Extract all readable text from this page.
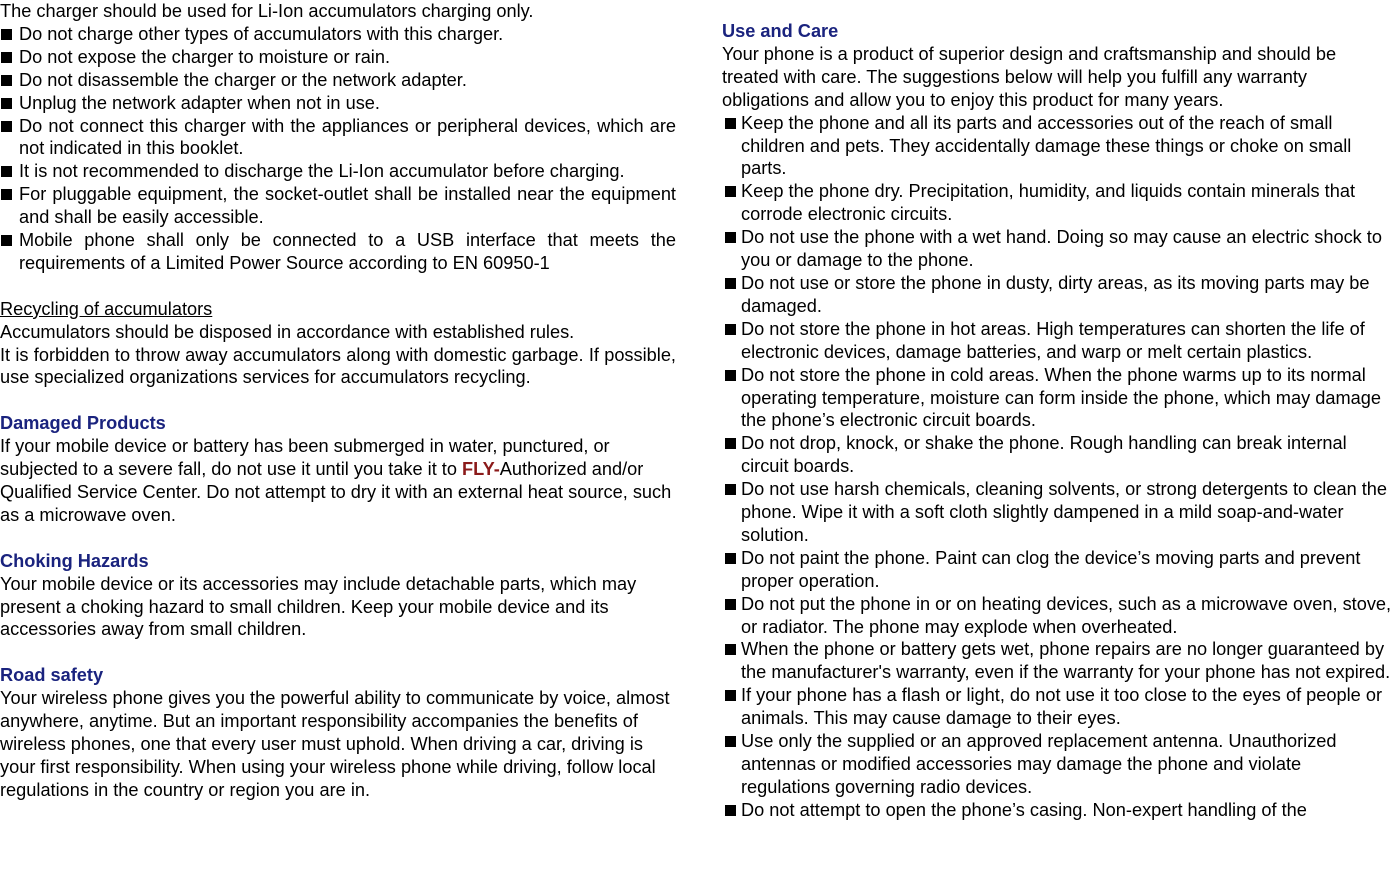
The charger should be used for Li-Ion accumulators charging only.

Do not charge other types of accumulators with this charger.
Do not expose the charger to moisture or rain.
Do not disassemble the charger or the network adapter.
Unplug the network adapter when not in use.
Do not connect this charger with the appliances or peripheral devices, which are not indicated in this booklet.
It is not recommended to discharge the Li-Ion accumulator before charging.
For pluggable equipment, the socket-outlet shall be installed near the equipment and shall be easily accessible.
Mobile phone shall only be connected to a USB interface that meets the requirements of a Limited Power Source according to EN 60950-1

Recycling of accumulators

Accumulators should be disposed in accordance with established rules.

It is forbidden to throw away accumulators along with domestic garbage. If possible, use specialized organizations services for accumulators recycling.

Damaged Products

If your mobile device or battery has been submerged in water, punctured, or subjected to a severe fall, do not use it until you take it to FLY-Authorized and/or Qualified Service Center. Do not attempt to dry it with an external heat source, such as a microwave oven.

Choking Hazards

Your mobile device or its accessories may include detachable parts, which may present a choking hazard to small children. Keep your mobile device and its accessories away from small children.

Road safety

Your wireless phone gives you the powerful ability to communicate by voice, almost anywhere, anytime. But an important responsibility accompanies the benefits of wireless phones, one that every user must uphold. When driving a car, driving is your first responsibility. When using your wireless phone while driving, follow local regulations in the country or region you are in.

Use and Care

Your phone is a product of superior design and craftsmanship and should be treated with care. The suggestions below will help you fulfill any warranty obligations and allow you to enjoy this product for many years.

Keep the phone and all its parts and accessories out of the reach of small children and pets. They accidentally damage these things or choke on small parts.
Keep the phone dry. Precipitation, humidity, and liquids contain minerals that corrode electronic circuits.
Do not use the phone with a wet hand. Doing so may cause an electric shock to you or damage to the phone.
Do not use or store the phone in dusty, dirty areas, as its moving parts may be damaged.
Do not store the phone in hot areas. High temperatures can shorten the life of electronic devices, damage batteries, and warp or melt certain plastics.
Do not store the phone in cold areas. When the phone warms up to its normal operating temperature, moisture can form inside the phone, which may damage the phone’s electronic circuit boards.
Do not drop, knock, or shake the phone. Rough handling can break internal circuit boards.
Do not use harsh chemicals, cleaning solvents, or strong detergents to clean the phone. Wipe it with a soft cloth slightly dampened in a mild soap-and-water solution.
Do not paint the phone. Paint can clog the device’s moving parts and prevent proper operation.
Do not put the phone in or on heating devices, such as a microwave oven, stove, or radiator. The phone may explode when overheated.
When the phone or battery gets wet, phone repairs are no longer guaranteed by the manufacturer's warranty, even if the warranty for your phone has not expired.
If your phone has a flash or light, do not use it too close to the eyes of people or animals. This may cause damage to their eyes.
Use only the supplied or an approved replacement antenna. Unauthorized antennas or modified accessories may damage the phone and violate regulations governing radio devices.
Do not attempt to open the phone’s casing. Non-expert handling of the
